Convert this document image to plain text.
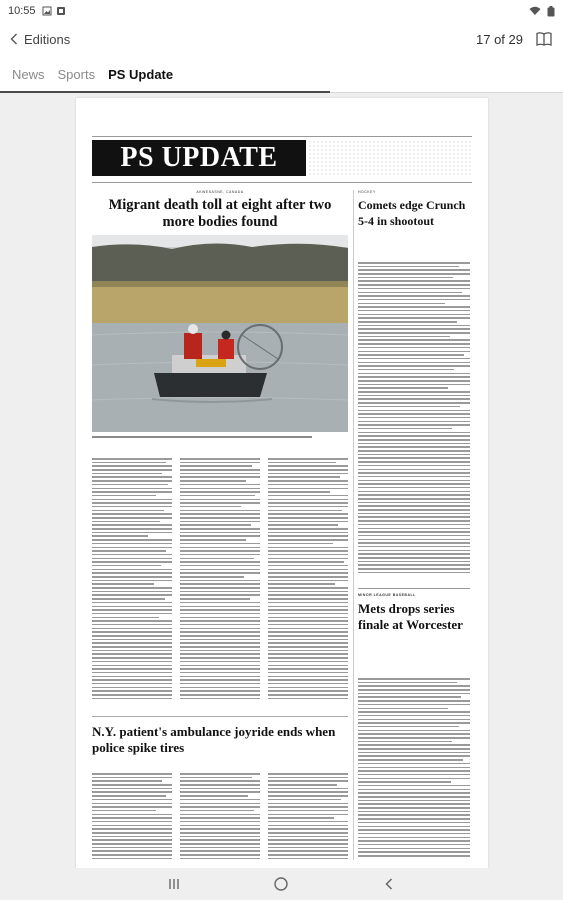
10:55
Editions	17 of 29
News Sports PS Update
PS UPDATE
AKWESASNE, CANADA
Migrant death toll at eight after two more bodies found
N.Y. patient's ambulance joyride ends when police spike tires
HOCKEY
Comets edge Crunch 5-4 in shootout
MINOR LEAGUE BASEBALL
Mets drops series finale at Worcester
